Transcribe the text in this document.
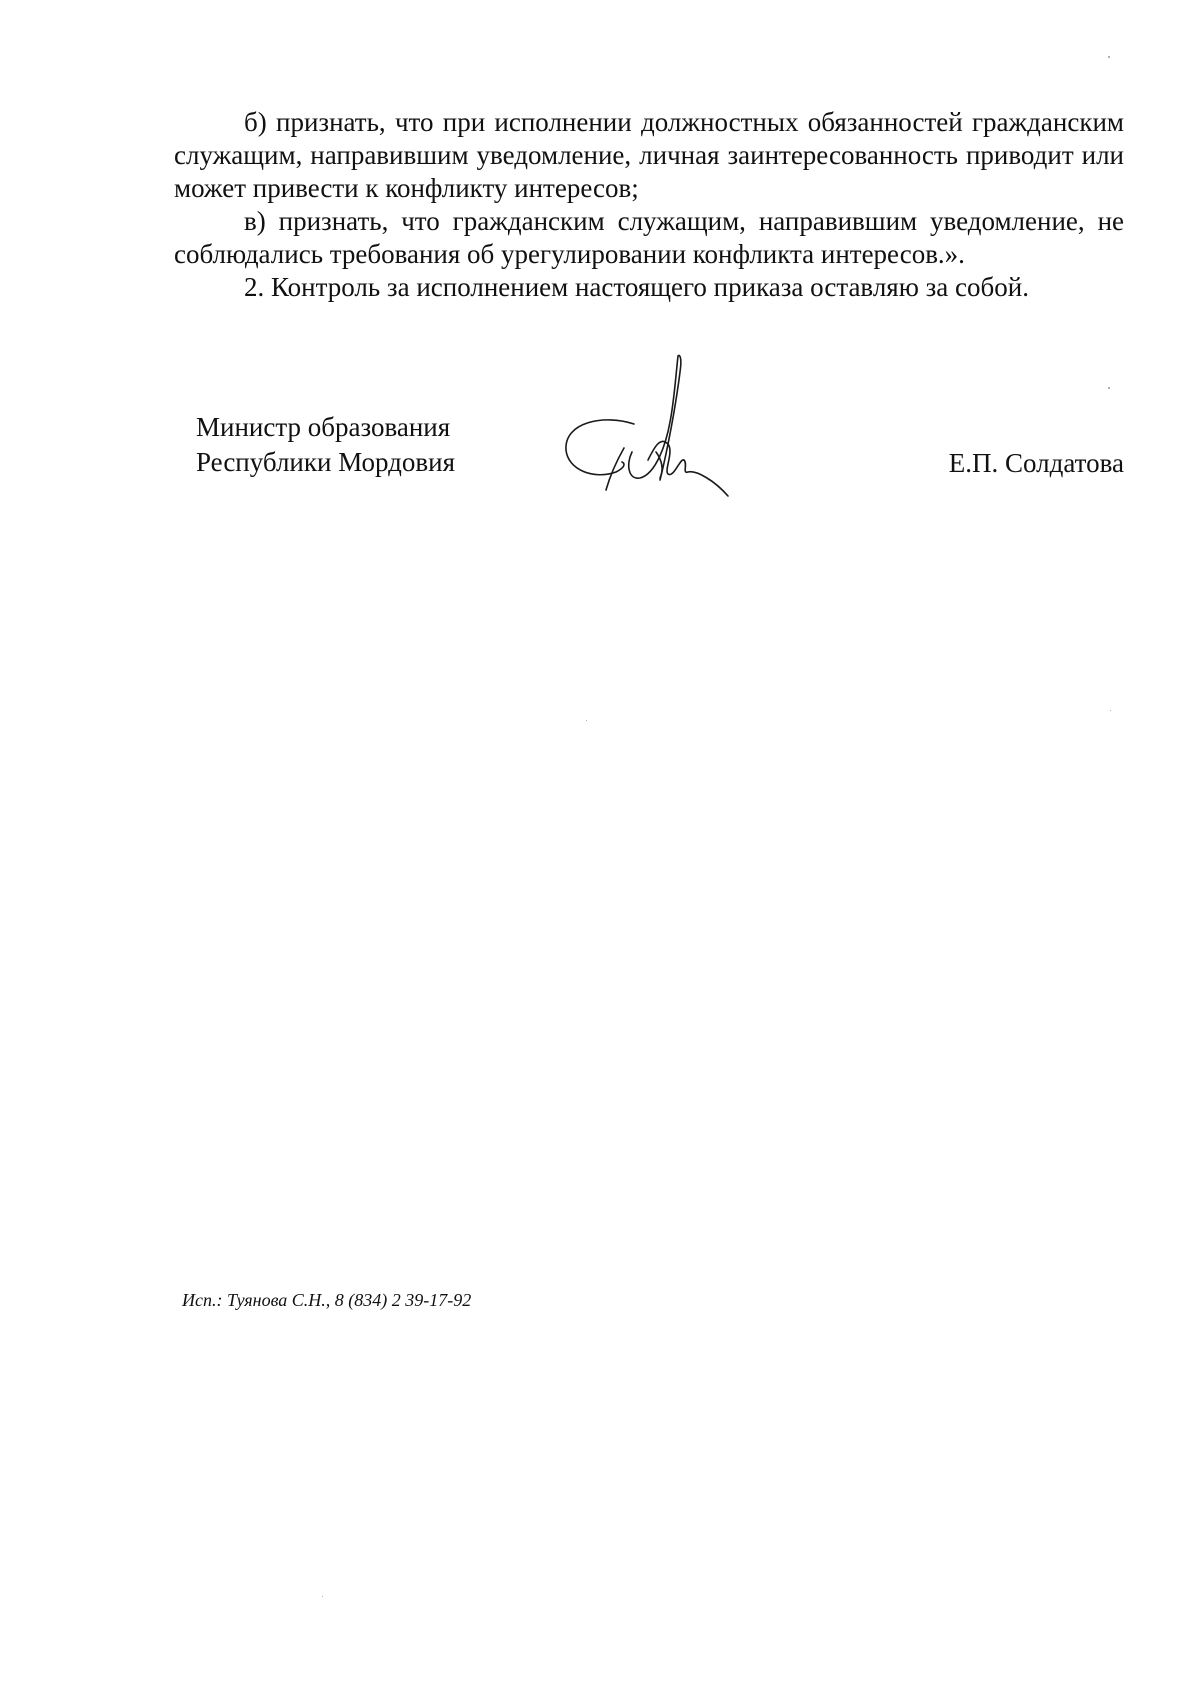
б) признать, что при исполнении должностных обязанностей гражданским служащим, направившим уведомление, личная заинтересованность приводит или может привести к конфликту интересов;

в) признать, что гражданским служащим, направившим уведомление, не соблюдались требования об урегулировании конфликта интересов.».

2. Контроль за исполнением настоящего приказа оставляю за собой.

Министр образования
Республики Мордовия	Е.П. Солдатова
Исп.: Туянова С.Н., 8 (834) 2 39-17-92
